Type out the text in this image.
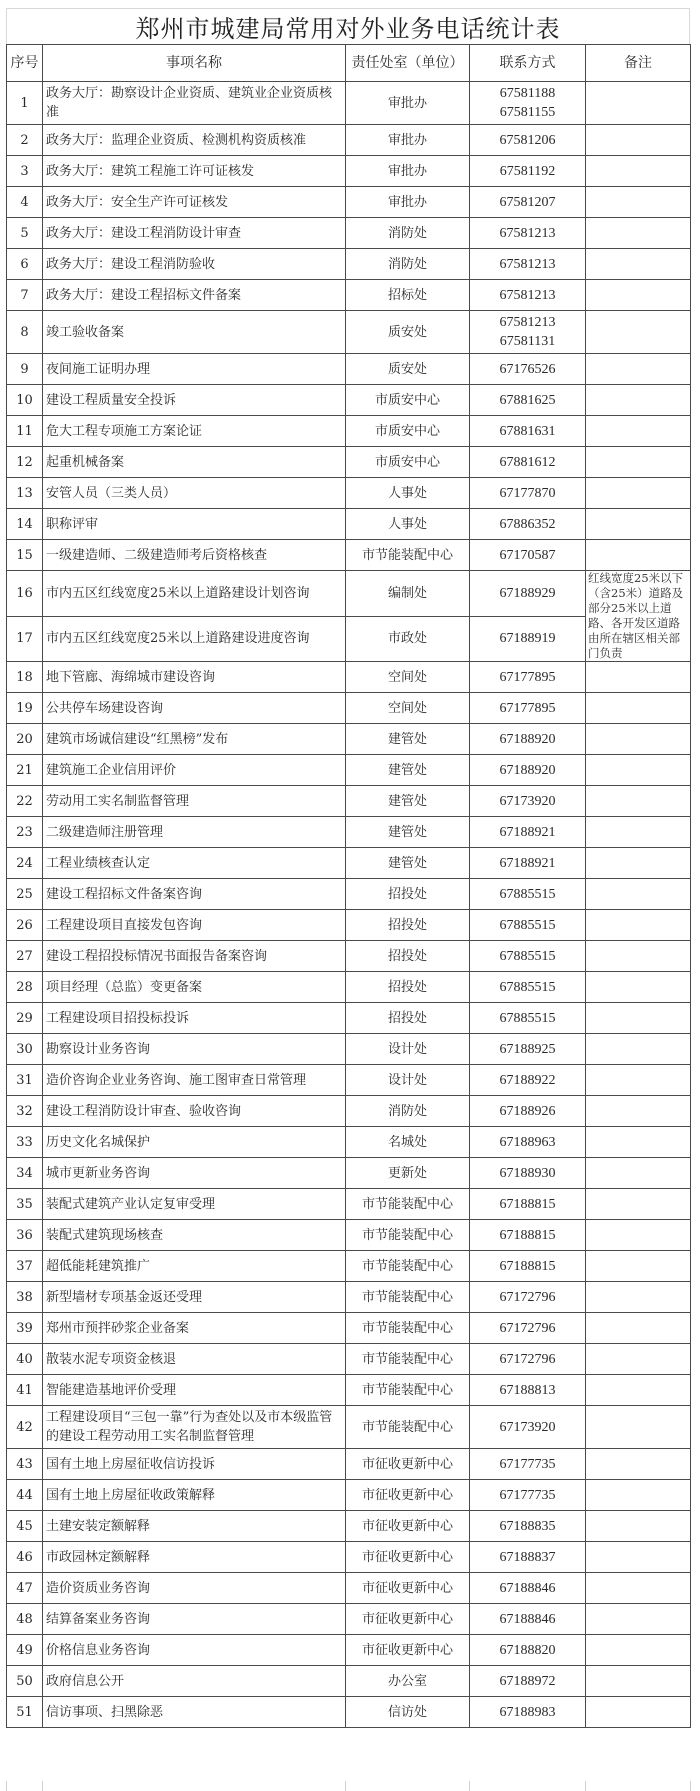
郑州市城建局常用对外业务电话统计表
序号	事项名称	责任处室（单位）	联系方式	备注
1	政务大厅：勘察设计企业资质、建筑业企业资质核准	审批办	67581188
67581155	

2	政务大厅：监理企业资质、检测机构资质核准	审批办	67581206	

3	政务大厅：建筑工程施工许可证核发	审批办	67581192	

4	政务大厅：安全生产许可证核发	审批办	67581207	

5	政务大厅：建设工程消防设计审查	消防处	67581213	

6	政务大厅：建设工程消防验收	消防处	67581213	

7	政务大厅：建设工程招标文件备案	招标处	67581213	

8	竣工验收备案	质安处	67581213
67581131	

9	夜间施工证明办理	质安处	67176526	

10	建设工程质量安全投诉	市质安中心	67881625	

11	危大工程专项施工方案论证	市质安中心	67881631	

12	起重机械备案	市质安中心	67881612	

13	安管人员（三类人员）	人事处	67177870	

14	职称评审	人事处	67886352	

15	一级建造师、二级建造师考后资格核查	市节能装配中心	67170587	

16	市内五区红线宽度25米以上道路建设计划咨询	编制处	67188929	红线宽度25米以下（含25米）道路及部分25米以上道路、各开发区道路由所在辖区相关部门负责
17	市内五区红线宽度25米以上道路建设进度咨询	市政处	67188919	

18	地下管廊、海绵城市建设咨询	空间处	67177895	

19	公共停车场建设咨询	空间处	67177895	

20	建筑市场诚信建设“红黑榜”发布	建管处	67188920	

21	建筑施工企业信用评价	建管处	67188920	

22	劳动用工实名制监督管理	建管处	67173920	

23	二级建造师注册管理	建管处	67188921	

24	工程业绩核查认定	建管处	67188921	

25	建设工程招标文件备案咨询	招投处	67885515	

26	工程建设项目直接发包咨询	招投处	67885515	

27	建设工程招投标情况书面报告备案咨询	招投处	67885515	

28	项目经理（总监）变更备案	招投处	67885515	

29	工程建设项目招投标投诉	招投处	67885515	

30	勘察设计业务咨询	设计处	67188925	

31	造价咨询企业业务咨询、施工图审查日常管理	设计处	67188922	

32	建设工程消防设计审查、验收咨询	消防处	67188926	

33	历史文化名城保护	名城处	67188963	

34	城市更新业务咨询	更新处	67188930	

35	装配式建筑产业认定复审受理	市节能装配中心	67188815	

36	装配式建筑现场核查	市节能装配中心	67188815	

37	超低能耗建筑推广	市节能装配中心	67188815	

38	新型墙材专项基金返还受理	市节能装配中心	67172796	

39	郑州市预拌砂浆企业备案	市节能装配中心	67172796	

40	散装水泥专项资金核退	市节能装配中心	67172796	

41	智能建造基地评价受理	市节能装配中心	67188813	

42	工程建设项目“三包一靠”行为查处以及市本级监管的建设工程劳动用工实名制监督管理	市节能装配中心	67173920	

43	国有土地上房屋征收信访投诉	市征收更新中心	67177735	

44	国有土地上房屋征收政策解释	市征收更新中心	67177735	

45	土建安装定额解释	市征收更新中心	67188835	

46	市政园林定额解释	市征收更新中心	67188837	

47	造价资质业务咨询	市征收更新中心	67188846	

48	结算备案业务咨询	市征收更新中心	67188846	

49	价格信息业务咨询	市征收更新中心	67188820	

50	政府信息公开	办公室	67188972	

51	信访事项、扫黑除恶	信访处	67188983	
